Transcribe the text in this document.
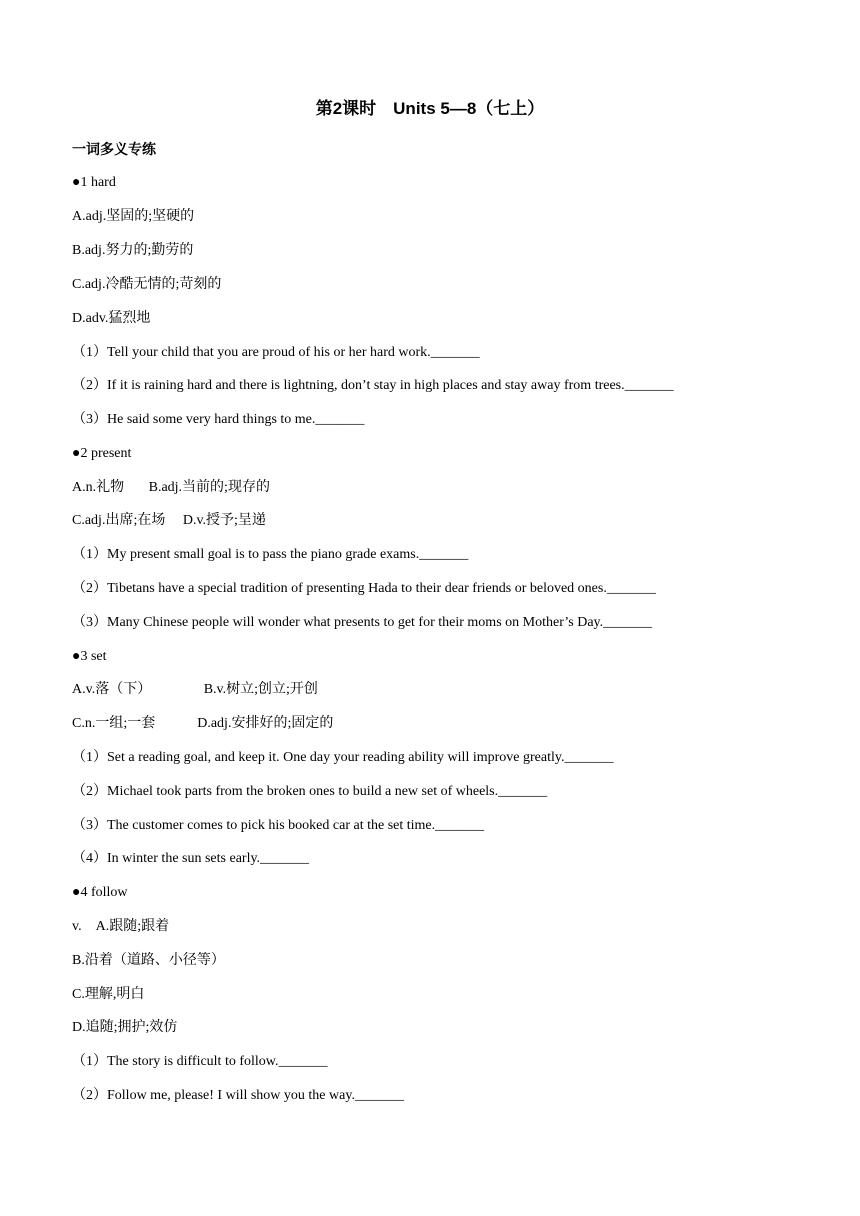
第2课时　Units 5—8（七上）
一词多义专练
●1 hard
A.adj.坚固的;坚硬的
B.adj.努力的;勤劳的
C.adj.冷酷无情的;苛刻的
D.adv.猛烈地
（1）Tell your child that you are proud of his or her hard work._______
（2）If it is raining hard and there is lightning, don’t stay in high places and stay away from trees._______
（3）He said some very hard things to me._______
●2 present
A.n.礼物　   B.adj.当前的;现存的
C.adj.出席;在场　 D.v.授予;呈递
（1）My present small goal is to pass the piano grade exams._______
（2）Tibetans have a special tradition of presenting Hada to their dear friends or beloved ones._______
（3）Many Chinese people will wonder what presents to get for their moms on Mother’s Day._______
●3 set
A.v.落（下）               B.v.树立;创立;开创
C.n.一组;一套            D.adj.安排好的;固定的
（1）Set a reading goal, and keep it. One day your reading ability will improve greatly._______
（2）Michael took parts from the broken ones to build a new set of wheels._______
（3）The customer comes to pick his booked car at the set time._______
（4）In winter the sun sets early._______
●4 follow
v.　A.跟随;跟着
B.沿着（道路、小径等）
C.理解,明白
D.追随;拥护;效仿
（1）The story is difficult to follow._______
（2）Follow me, please! I will show you the way._______
